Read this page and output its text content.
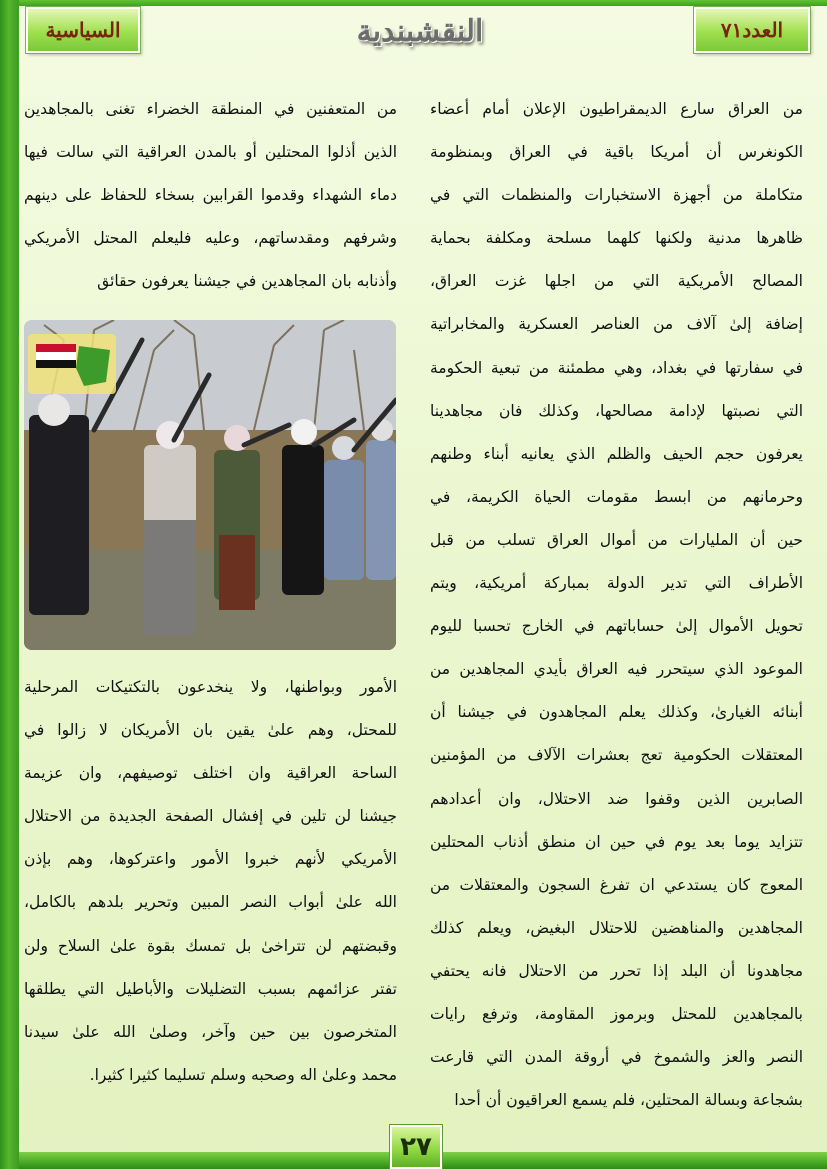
السياسية	النقشبندية	العدد٧١
من العراق سارع الديمقراطيون الإعلان أمام أعضاء
الكونغرس أن أمريكا باقية في العراق وبمنظومة
متكاملة من أجهزة الاستخبارات والمنظمات التي في
ظاهرها مدنية ولكنها كلهما مسلحة ومكلفة بحماية
المصالح الأمريكية التي من اجلها غزت العراق،
إضافة إلىٰ آلاف من العناصر العسكرية والمخابراتية
في سفارتها في بغداد، وهي مطمئنة من تبعية الحكومة
التي نصبتها لإدامة مصالحها، وكذلك فان مجاهدينا
يعرفون حجم الحيف والظلم الذي يعانيه أبناء وطنهم
وحرمانهم من ابسط مقومات الحياة الكريمة، في
حين أن المليارات من أموال العراق تسلب من قبل
الأطراف التي تدير الدولة بمباركة أمريكية، ويتم
تحويل الأموال إلىٰ حساباتهم في الخارج تحسبا لليوم
الموعود الذي سيتحرر فيه العراق بأيدي المجاهدين من
أبنائه الغيارىٰ، وكذلك يعلم المجاهدون في جيشنا أن
المعتقلات الحكومية تعج بعشرات الآلاف من المؤمنين
الصابرين الذين وقفوا ضد الاحتلال، وان أعدادهم
تتزايد يوما بعد يوم في حين ان منطق أذناب المحتلين
المعوج كان يستدعي ان تفرغ السجون والمعتقلات من
المجاهدين والمناهضين للاحتلال البغيض، ويعلم كذلك
مجاهدونا أن البلد إذا تحرر من الاحتلال فانه يحتفي
بالمجاهدين للمحتل وبرموز المقاومة، وترفع رايات
النصر والعز والشموخ في أروقة المدن التي قارعت
بشجاعة وبسالة المحتلين، فلم يسمع العراقيون أن أحدا
من المتعفنين في المنطقة الخضراء تغنى بالمجاهدين
الذين أذلوا المحتلين أو بالمدن العراقية التي سالت فيها
دماء الشهداء وقدموا القرابين بسخاء للحفاظ على دينهم
وشرفهم ومقدساتهم، وعليه فليعلم المحتل الأمريكي
وأذنابه بان المجاهدين في جيشنا يعرفون حقائق
الأمور وبواطنها، ولا ينخدعون بالتكتيكات المرحلية
للمحتل، وهم علىٰ يقين بان الأمريكان لا زالوا في
الساحة العراقية وان اختلف توصيفهم، وان عزيمة
جيشنا لن تلين في إفشال الصفحة الجديدة من الاحتلال
الأمريكي لأنهم خبروا الأمور واعتركوها، وهم بإذن
الله علىٰ أبواب النصر المبين وتحرير بلدهم بالكامل،
وقبضتهم لن تتراخىٰ بل تمسك بقوة علىٰ السلاح ولن
تفتر عزائمهم بسبب التضليلات والأباطيل التي يطلقها
المتخرصون بين حين وآخر، وصلىٰ الله علىٰ سيدنا
محمد وعلىٰ اله وصحبه وسلم تسليما كثيرا كثيرا.
٢٧
